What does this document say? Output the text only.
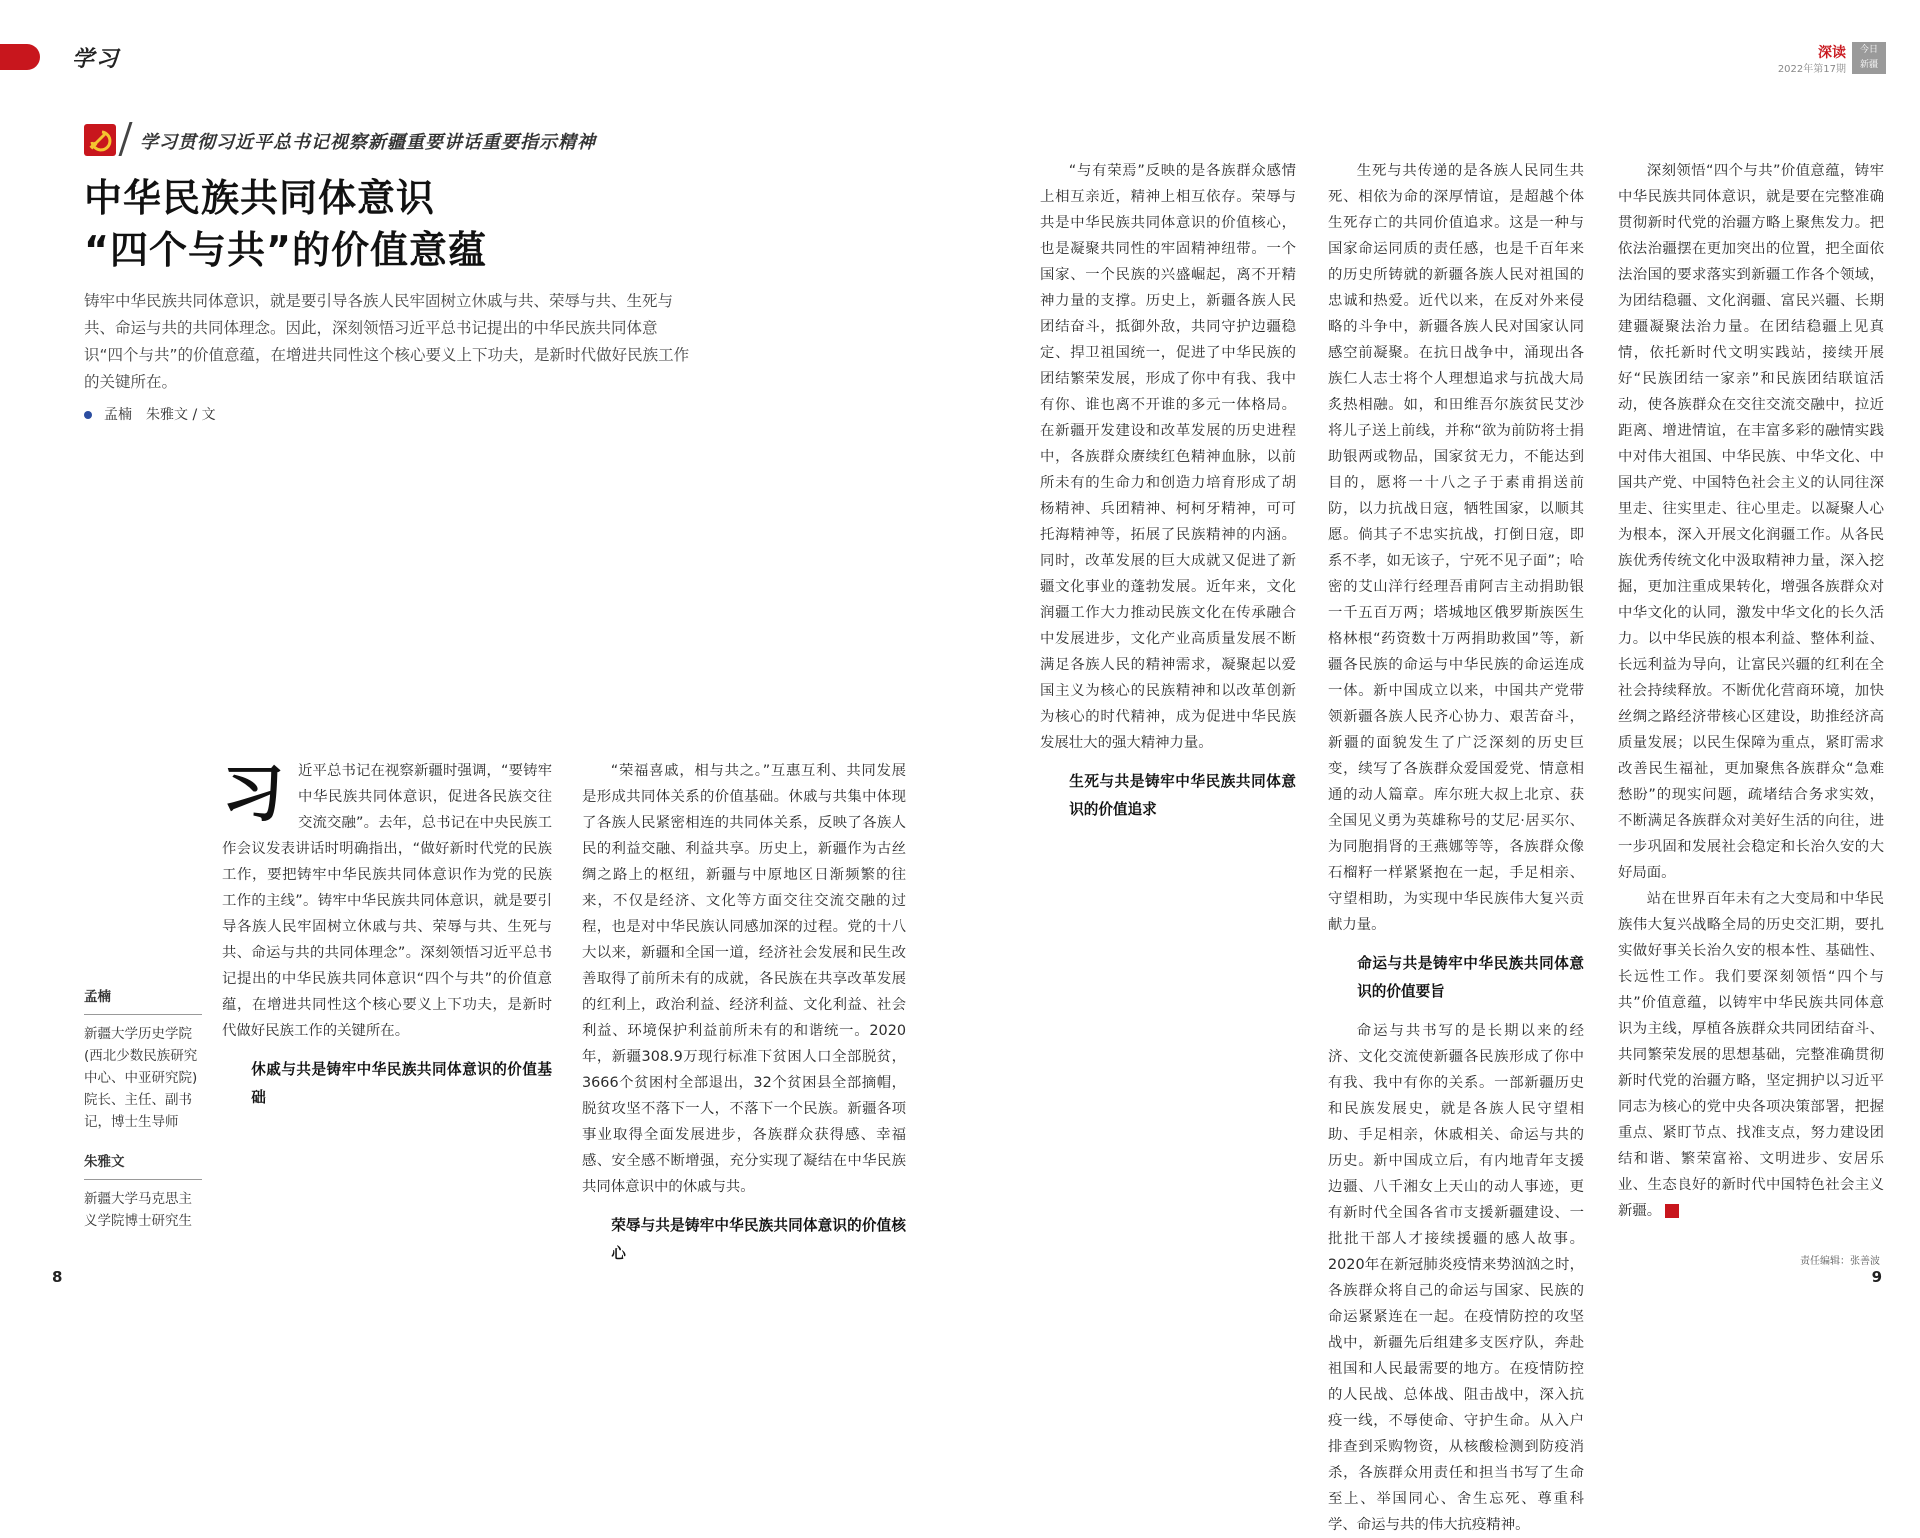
学习	深读
2022年第17期
今日
新疆
学习贯彻习近平总书记视察新疆重要讲话重要指示精神
中华民族共同体意识
“四个与共”的价值意蕴
铸牢中华民族共同体意识，就是要引导各族人民牢固树立休戚与共、荣辱与共、生死与共、命运与共的共同体理念。因此，深刻领悟习近平总书记提出的中华民族共同体意识“四个与共”的价值意蕴，在增进共同性这个核心要义上下功夫，是新时代做好民族工作的关键所在。
孟楠　朱雅文 / 文
孟楠
新疆大学历史学院(西北少数民族研究中心、中亚研究院)院长、主任、副书记，博士生导师
朱雅文
新疆大学马克思主义学院博士研究生
习 近平总书记在视察新疆时强调，“要铸牢中华民族共同体意识，促进各民族交往交流交融”。去年，总书记在中央民族工作会议发表讲话时明确指出，“做好新时代党的民族工作，要把铸牢中华民族共同体意识作为党的民族工作的主线”。铸牢中华民族共同体意识，就是要引导各族人民牢固树立休戚与共、荣辱与共、生死与共、命运与共的共同体理念”。深刻领悟习近平总书记提出的中华民族共同体意识“四个与共”的价值意蕴，在增进共同性这个核心要义上下功夫，是新时代做好民族工作的关键所在。

休戚与共是铸牢中华民族共同体意识的价值基础

“荣福喜戚，相与共之。”互惠互利、共同发展是形成共同体关系的价值基础。休戚与共集中体现了各族人民紧密相连的共同体关系，反映了各族人民的利益交融、利益共享。历史上，新疆作为古丝绸之路上的枢纽，新疆与中原地区日渐频繁的往来，不仅是经济、文化等方面交往交流交融的过程，也是对中华民族认同感加深的过程。党的十八大以来，新疆和全国一道，经济社会发展和民生改善取得了前所未有的成就，各民族在共享改革发展的红利上，政治利益、经济利益、文化利益、社会利益、环境保护利益前所未有的和谐统一。2020年，新疆308.9万现行标准下贫困人口全部脱贫，3666个贫困村全部退出，32个贫困县全部摘帽，脱贫攻坚不落下一人，不落下一个民族。新疆各项事业取得全面发展进步，各族群众获得感、幸福感、安全感不断增强，充分实现了凝结在中华民族共同体意识中的休戚与共。

荣辱与共是铸牢中华民族共同体意识的价值核心

“与有荣焉”反映的是各族群众感情上相互亲近，精神上相互依存。荣辱与共是中华民族共同体意识的价值核心，也是凝聚共同性的牢固精神纽带。一个国家、一个民族的兴盛崛起，离不开精神力量的支撑。历史上，新疆各族人民团结奋斗，抵御外敌，共同守护边疆稳定、捍卫祖国统一，促进了中华民族的团结繁荣发展，形成了你中有我、我中有你、谁也离不开谁的多元一体格局。在新疆开发建设和改革发展的历史进程中，各族群众赓续红色精神血脉，以前所未有的生命力和创造力培育形成了胡杨精神、兵团精神、柯柯牙精神，可可托海精神等，拓展了民族精神的内涵。同时，改革发展的巨大成就又促进了新疆文化事业的蓬勃发展。近年来，文化润疆工作大力推动民族文化在传承融合中发展进步，文化产业高质量发展不断满足各族人民的精神需求，凝聚起以爱国主义为核心的民族精神和以改革创新为核心的时代精神，成为促进中华民族发展壮大的强大精神力量。

生死与共是铸牢中华民族共同体意识的价值追求

生死与共传递的是各族人民同生共死、相依为命的深厚情谊，是超越个体生死存亡的共同价值追求。这是一种与国家命运同质的责任感，也是千百年来的历史所铸就的新疆各族人民对祖国的忠诚和热爱。近代以来，在反对外来侵略的斗争中，新疆各族人民对国家认同感空前凝聚。在抗日战争中，涌现出各族仁人志士将个人理想追求与抗战大局炙热相融。如，和田维吾尔族贫民艾沙将儿子送上前线，并称“欲为前防将士捐助银两或物品，国家贫无力，不能达到目的，愿将一十八之子于素甫捐送前防，以力抗战日寇，牺牲国家，以顺其愿。倘其子不忠实抗战，打倒日寇，即系不孝，如无该子，宁死不见子面”；哈密的艾山洋行经理吾甫阿吉主动捐助银一千五百万两；塔城地区俄罗斯族医生格林根“药资数十万两捐助救国”等，新疆各民族的命运与中华民族的命运连成一体。新中国成立以来，中国共产党带领新疆各族人民齐心协力、艰苦奋斗，新疆的面貌发生了广泛深刻的历史巨变，续写了各族群众爱国爱党、情意相通的动人篇章。库尔班大叔上北京、获全国见义勇为英雄称号的艾尼·居买尔、为同胞捐肾的王燕娜等等，各族群众像石榴籽一样紧紧抱在一起，手足相亲、守望相助，为实现中华民族伟大复兴贡献力量。

命运与共是铸牢中华民族共同体意识的价值要旨

命运与共书写的是长期以来的经济、文化交流使新疆各民族形成了你中有我、我中有你的关系。一部新疆历史和民族发展史，就是各族人民守望相助、手足相亲，休戚相关、命运与共的历史。新中国成立后，有内地青年支援边疆、八千湘女上天山的动人事迹，更有新时代全国各省市支援新疆建设、一批批干部人才接续援疆的感人故事。2020年在新冠肺炎疫情来势汹汹之时，各族群众将自己的命运与国家、民族的命运紧紧连在一起。在疫情防控的攻坚战中，新疆先后组建多支医疗队，奔赴祖国和人民最需要的地方。在疫情防控的人民战、总体战、阻击战中，深入抗疫一线，不辱使命、守护生命。从入户排查到采购物资，从核酸检测到防疫消杀，各族群众用责任和担当书写了生命至上、举国同心、舍生忘死、尊重科学、命运与共的伟大抗疫精神。

深刻领悟“四个与共”价值意蕴，铸牢中华民族共同体意识，就是要在完整准确贯彻新时代党的治疆方略上聚焦发力。把依法治疆摆在更加突出的位置，把全面依法治国的要求落实到新疆工作各个领域，为团结稳疆、文化润疆、富民兴疆、长期建疆凝聚法治力量。在团结稳疆上见真情，依托新时代文明实践站，接续开展好“民族团结一家亲”和民族团结联谊活动，使各族群众在交往交流交融中，拉近距离、增进情谊，在丰富多彩的融情实践中对伟大祖国、中华民族、中华文化、中国共产党、中国特色社会主义的认同往深里走、往实里走、往心里走。以凝聚人心为根本，深入开展文化润疆工作。从各民族优秀传统文化中汲取精神力量，深入挖掘，更加注重成果转化，增强各族群众对中华文化的认同，激发中华文化的长久活力。以中华民族的根本利益、整体利益、长远利益为导向，让富民兴疆的红利在全社会持续释放。不断优化营商环境，加快丝绸之路经济带核心区建设，助推经济高质量发展；以民生保障为重点，紧盯需求改善民生福祉，更加聚焦各族群众“急难愁盼”的现实问题，疏堵结合务求实效，不断满足各族群众对美好生活的向往，进一步巩固和发展社会稳定和长治久安的大好局面。

站在世界百年未有之大变局和中华民族伟大复兴战略全局的历史交汇期，要扎实做好事关长治久安的根本性、基础性、长远性工作。我们要深刻领悟“四个与共”价值意蕴，以铸牢中华民族共同体意识为主线，厚植各族群众共同团结奋斗、共同繁荣发展的思想基础，完整准确贯彻新时代党的治疆方略，坚定拥护以习近平同志为核心的党中央各项决策部署，把握重点、紧盯节点、找准支点，努力建设团结和谐、繁荣富裕、文明进步、安居乐业、生态良好的新时代中国特色社会主义新疆。

8
责任编辑：张善波
9
